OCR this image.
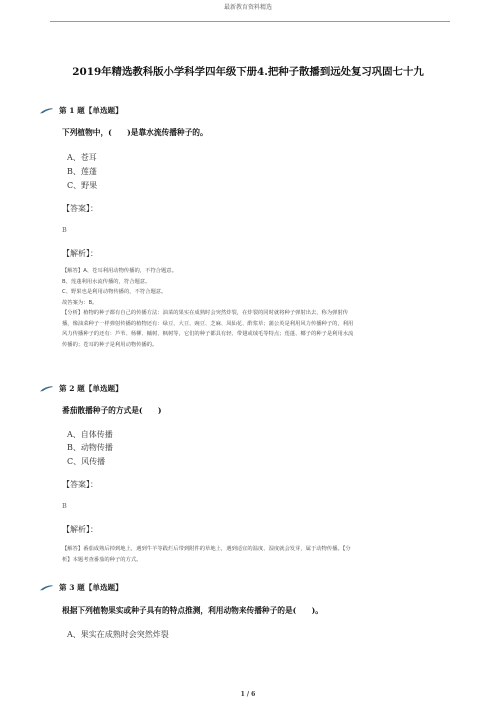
最新教育资料精选
2019年精选教科版小学科学四年级下册4.把种子散播到远处复习巩固七十九
第 1 题【单选题】
下列植物中，(　　)是靠水流传播种子的。
A、苍耳
B、莲蓬
C、野果
【答案】：
B
【解析】：

【解答】A、苍耳利用动物传播的，不符合题意。

B、莲蓬利用水流传播的，符合题意。

C、野果也是利用动物传播的，不符合题意。

故答案为：B。

【分析】植物的种子都有自己的传播方法：油菜的果实在成熟时会突然炸裂，在炸裂的同时就将种子弹射出去，称为弹射传

播，像油菜种子一样弹射传播的植物还有：绿豆、大豆、豌豆、芝麻、凤仙花、酢浆草；蒲公英是利用风力传播种子的，利用

风力传播种子的还有：芦苇、杨柳、槭树、枫树等，它们的种子都具有轻、带翅或绒毛等特点；莲蓬、椰子的种子是利用水流

传播的；苍耳的种子是利用动物传播的。

第 2 题【单选题】
番茄散播种子的方式是(　　)
A、自体传播
B、动物传播
C、风传播
【答案】：
B
【解析】：

【解答】番茄成熟后掉到地上，遇到牛羊等践烂后带到附件的草地上，遇到适宜的温度、湿度就会发芽，属于动物传播。【分

析】本题考查番茄的种子的方式。

第 3 题【单选题】
根据下列植物果实或种子具有的特点推测，利用动物来传播种子的是(　　)。
A、果实在成熟时会突然炸裂
1 / 6
